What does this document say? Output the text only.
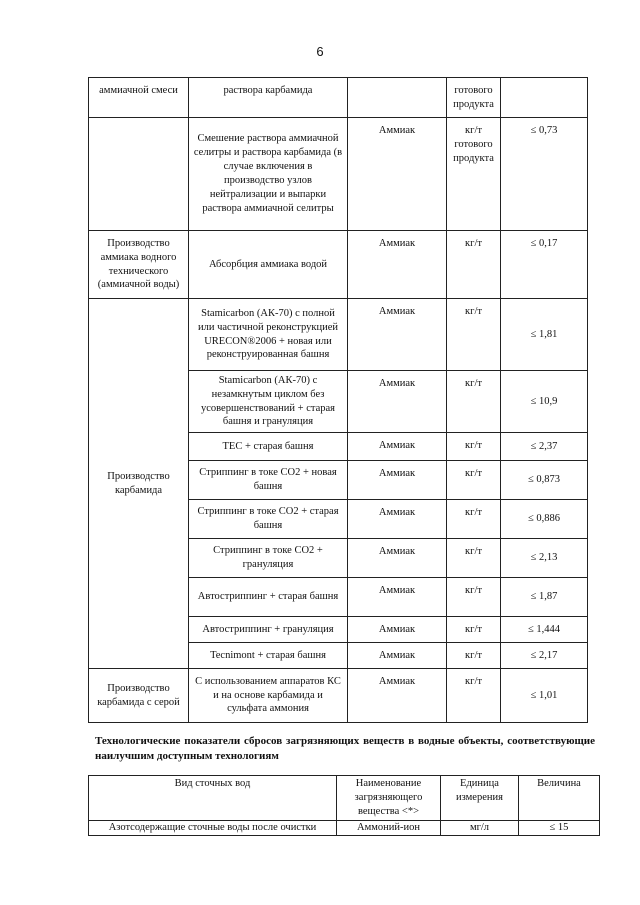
6
аммиачной смеси	раствора карбамида		готового продукта	
	Смешение раствора аммиачной селитры и раствора карбамида (в случае включения в производство узлов нейтрализации и выпарки раствора аммиачной селитры	Аммиак	кг/т готового продукта	≤ 0,73
Производство аммиака водного технического (аммиачной воды)	Абсорбция аммиака водой	Аммиак	кг/т	≤ 0,17
Производство карбамида	Stamicarbon (АК-70) с полной или частичной реконструкцией URECON®2006 + новая или реконструированная башня	Аммиак	кг/т	≤ 1,81
	Stamicarbon (АК-70) с незамкнутым циклом без усовершенствований + старая башня и грануляция	Аммиак	кг/т	≤ 10,9
	ТЕС + старая башня	Аммиак	кг/т	≤ 2,37
	Стриппинг в токе СО2 + новая башня	Аммиак	кг/т	≤ 0,873
	Стриппинг в токе СО2 + старая башня	Аммиак	кг/т	≤ 0,886
	Стриппинг в токе СО2 + грануляция	Аммиак	кг/т	≤ 2,13
	Автостриппинг + старая башня	Аммиак	кг/т	≤ 1,87
	Автостриппинг + грануляция	Аммиак	кг/т	≤ 1,444
	Tecnimont + старая башня	Аммиак	кг/т	≤ 2,17
Производство карбамида с серой	С использованием аппаратов КС и на основе карбамида и сульфата аммония	Аммиак	кг/т	≤ 1,01
Технологические показатели сбросов загрязняющих веществ в водные объекты, соответствующие наилучшим доступным технологиям
Вид сточных вод	Наименование загрязняющего вещества <*>	Единица измерения	Величина
Азотсодержащие сточные воды после очистки	Аммоний-ион	мг/л	≤ 15
